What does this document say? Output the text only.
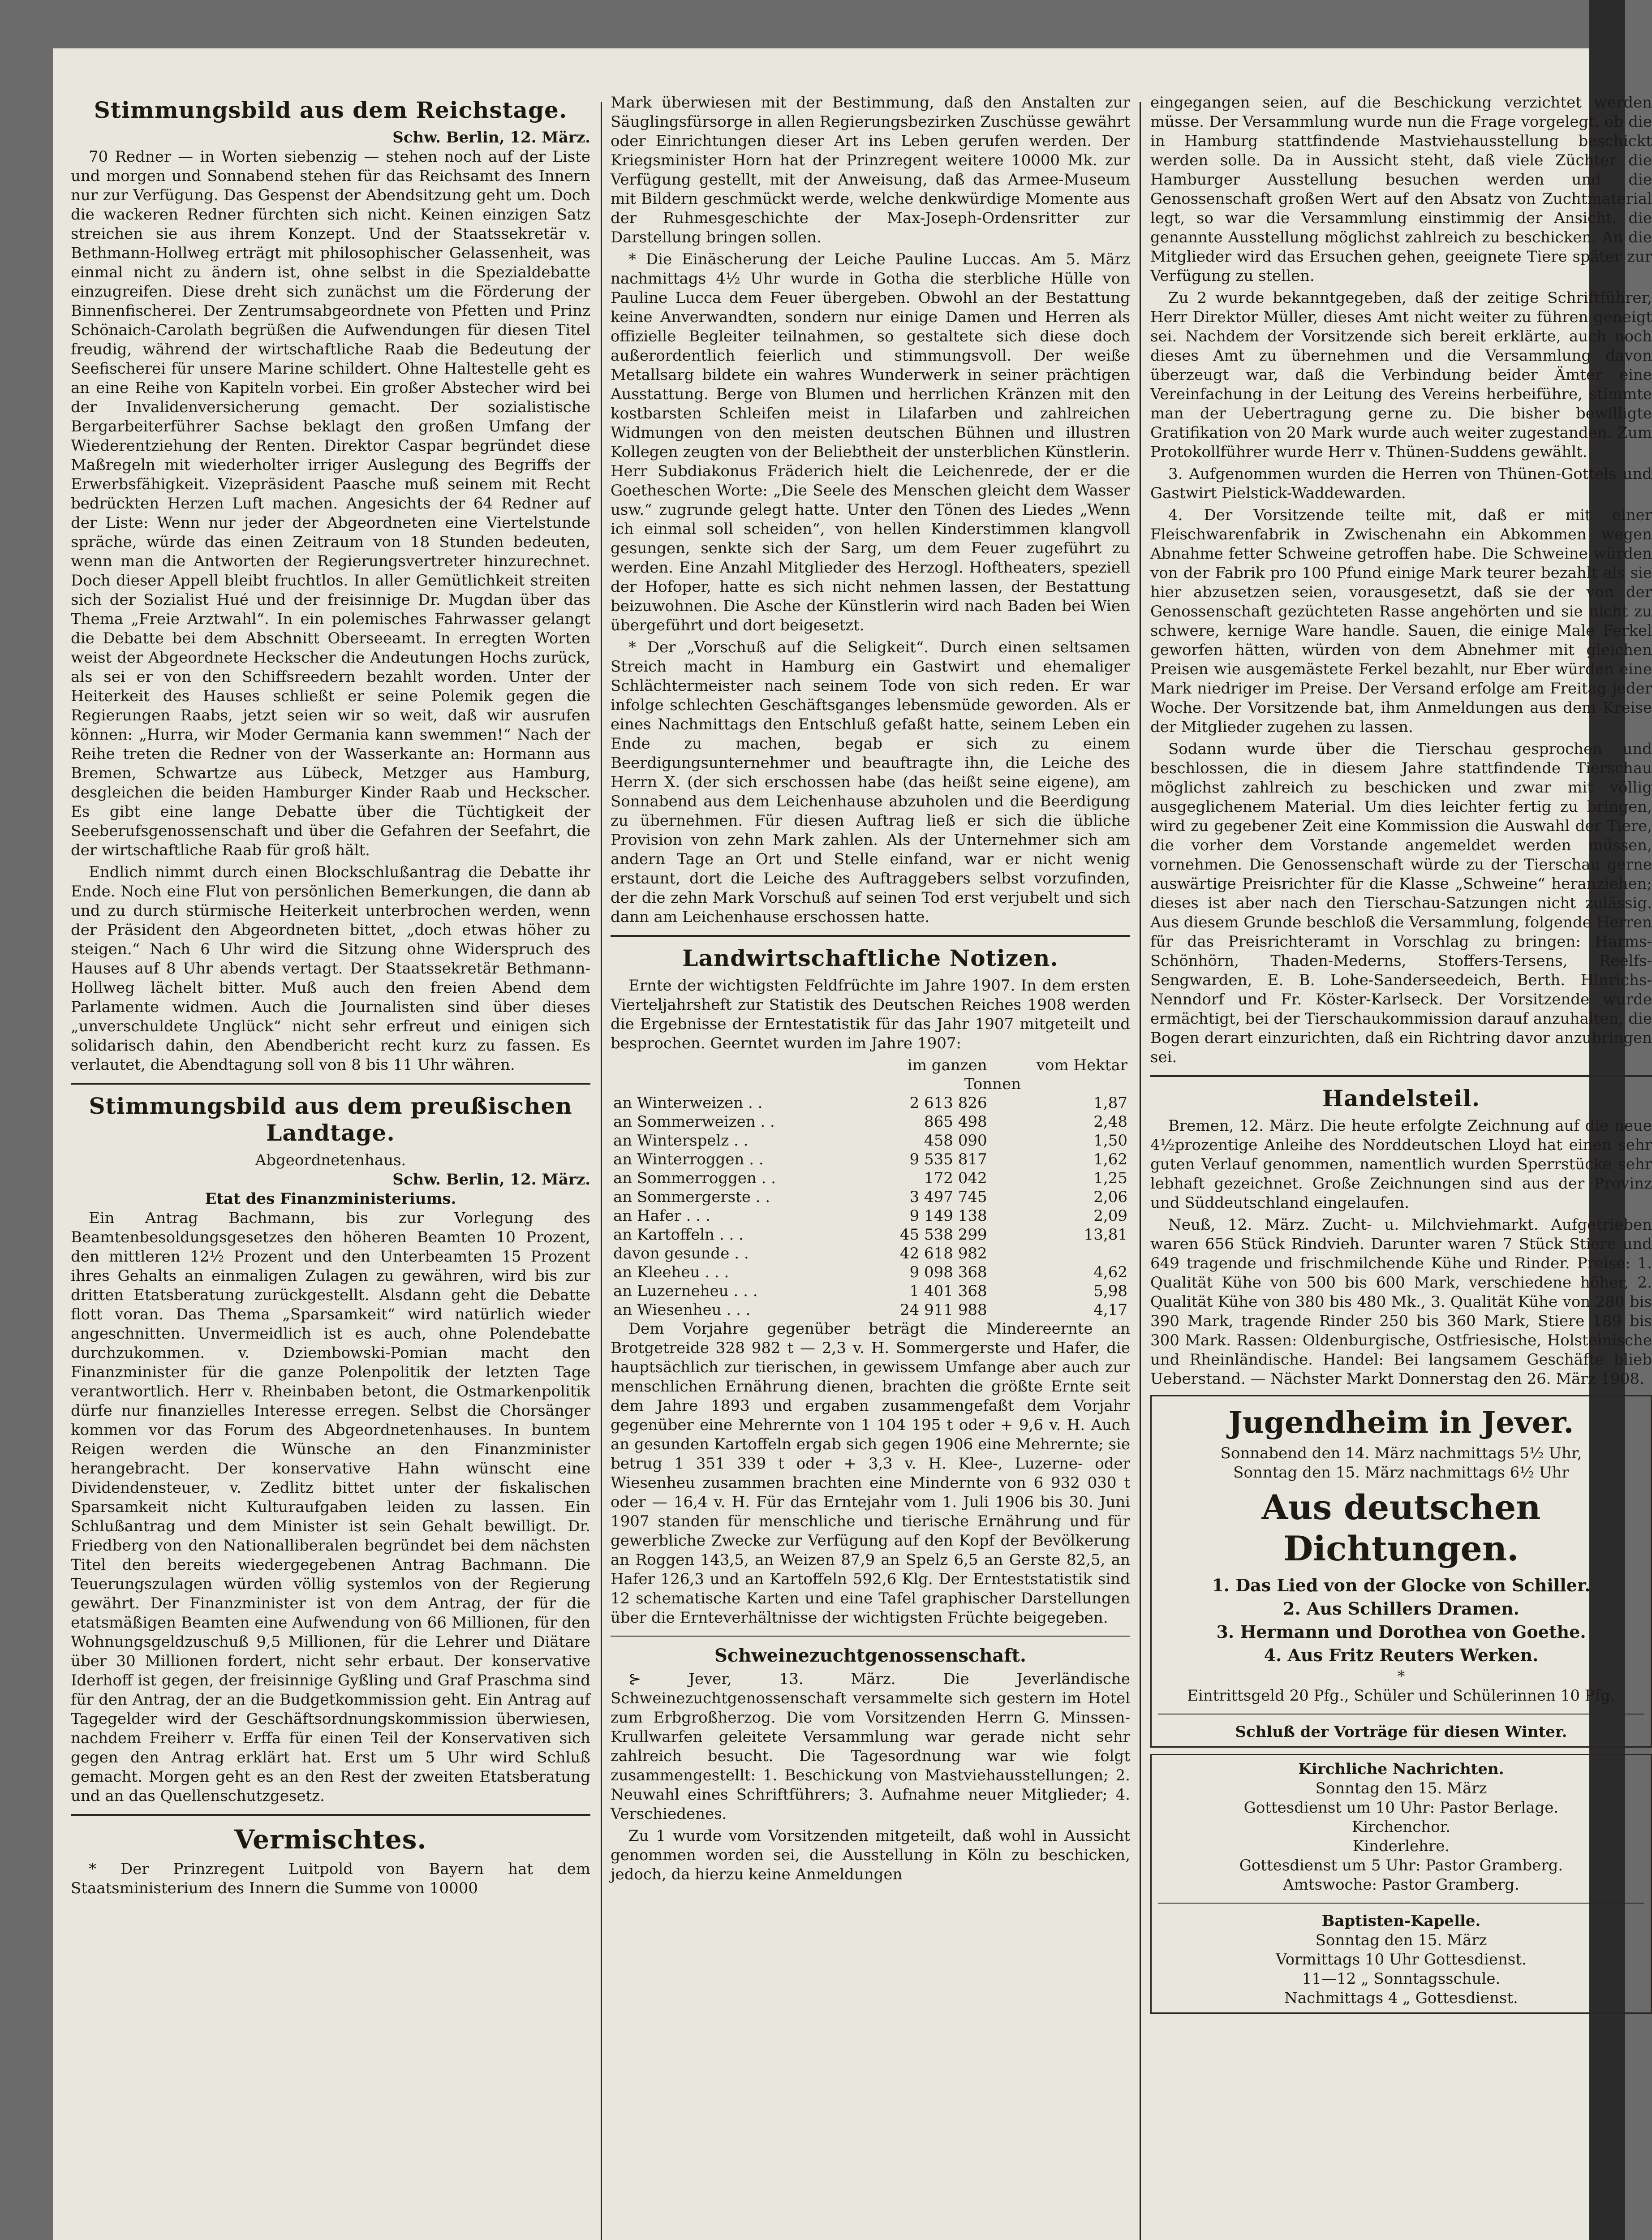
Stimmungsbild aus dem Reichstage.
Schw. Berlin, 12. März.

70 Redner — in Worten siebenzig — stehen noch auf der Liste und morgen und Sonnabend stehen für das Reichsamt des Innern nur zur Verfügung. Das Gespenst der Abendsitzung geht um. Doch die wackeren Redner fürchten sich nicht. Keinen einzigen Satz streichen sie aus ihrem Konzept. Und der Staatssekretär v. Bethmann-Hollweg erträgt mit philosophischer Gelassenheit, was einmal nicht zu ändern ist, ohne selbst in die Spezialdebatte einzugreifen. Diese dreht sich zunächst um die Förderung der Binnenfischerei. Der Zentrumsabgeordnete von Pfetten und Prinz Schönaich-Carolath begrüßen die Aufwendungen für diesen Titel freudig, während der wirtschaftliche Raab die Bedeutung der Seefischerei für unsere Marine schildert. Ohne Haltestelle geht es an eine Reihe von Kapiteln vorbei. Ein großer Abstecher wird bei der Invalidenversicherung gemacht. Der sozialistische Bergarbeiterführer Sachse beklagt den großen Umfang der Wiederentziehung der Renten. Direktor Caspar begründet diese Maßregeln mit wiederholter irriger Auslegung des Begriffs der Erwerbsfähigkeit. Vizepräsident Paasche muß seinem mit Recht bedrückten Herzen Luft machen. Angesichts der 64 Redner auf der Liste: Wenn nur jeder der Abgeordneten eine Viertelstunde spräche, würde das einen Zeitraum von 18 Stunden bedeuten, wenn man die Antworten der Regierungsvertreter hinzurechnet. Doch dieser Appell bleibt fruchtlos. In aller Gemütlichkeit streiten sich der Sozialist Hué und der freisinnige Dr. Mugdan über das Thema „Freie Arztwahl“. In ein polemisches Fahrwasser gelangt die Debatte bei dem Abschnitt Oberseeamt. In erregten Worten weist der Abgeordnete Heckscher die Andeutungen Hochs zurück, als sei er von den Schiffsreedern bezahlt worden. Unter der Heiterkeit des Hauses schließt er seine Polemik gegen die Regierungen Raabs, jetzt seien wir so weit, daß wir ausrufen können: „Hurra, wir Moder Germania kann swemmen!“ Nach der Reihe treten die Redner von der Wasserkante an: Hormann aus Bremen, Schwartze aus Lübeck, Metzger aus Hamburg, desgleichen die beiden Hamburger Kinder Raab und Heckscher. Es gibt eine lange Debatte über die Tüchtigkeit der Seeberufsgenossenschaft und über die Gefahren der Seefahrt, die der wirtschaftliche Raab für groß hält.

Endlich nimmt durch einen Blockschlußantrag die Debatte ihr Ende. Noch eine Flut von persönlichen Bemerkungen, die dann ab und zu durch stürmische Heiterkeit unterbrochen werden, wenn der Präsident den Abgeordneten bittet, „doch etwas höher zu steigen.“ Nach 6 Uhr wird die Sitzung ohne Widerspruch des Hauses auf 8 Uhr abends vertagt. Der Staatssekretär Bethmann-Hollweg lächelt bitter. Muß auch den freien Abend dem Parlamente widmen. Auch die Journalisten sind über dieses „unverschuldete Unglück“ nicht sehr erfreut und einigen sich solidarisch dahin, den Abendbericht recht kurz zu fassen. Es verlautet, die Abendtagung soll von 8 bis 11 Uhr währen.

Stimmungsbild aus dem preußischen Landtage.
Abgeordnetenhaus.
Schw. Berlin, 12. März.
Etat des Finanzministeriums.

Ein Antrag Bachmann, bis zur Vorlegung des Beamtenbesoldungsgesetzes den höheren Beamten 10 Prozent, den mittleren 12½ Prozent und den Unterbeamten 15 Prozent ihres Gehalts an einmaligen Zulagen zu gewähren, wird bis zur dritten Etatsberatung zurückgestellt. Alsdann geht die Debatte flott voran. Das Thema „Sparsamkeit“ wird natürlich wieder angeschnitten. Unvermeidlich ist es auch, ohne Polendebatte durchzukommen. v. Dziembowski-Pomian macht den Finanzminister für die ganze Polenpolitik der letzten Tage verantwortlich. Herr v. Rheinbaben betont, die Ostmarkenpolitik dürfe nur finanzielles Interesse erregen. Selbst die Chorsänger kommen vor das Forum des Abgeordnetenhauses. In buntem Reigen werden die Wünsche an den Finanzminister herangebracht. Der konservative Hahn wünscht eine Dividendensteuer, v. Zedlitz bittet unter der fiskalischen Sparsamkeit nicht Kulturaufgaben leiden zu lassen. Ein Schlußantrag und dem Minister ist sein Gehalt bewilligt. Dr. Friedberg von den Nationalliberalen begründet bei dem nächsten Titel den bereits wiedergegebenen Antrag Bachmann. Die Teuerungszulagen würden völlig systemlos von der Regierung gewährt. Der Finanzminister ist von dem Antrag, der für die etatsmäßigen Beamten eine Aufwendung von 66 Millionen, für den Wohnungsgeldzuschuß 9,5 Millionen, für die Lehrer und Diätare über 30 Millionen fordert, nicht sehr erbaut. Der konservative Iderhoff ist gegen, der freisinnige Gyßling und Graf Praschma sind für den Antrag, der an die Budgetkommission geht. Ein Antrag auf Tagegelder wird der Geschäftsordnungskommission überwiesen, nachdem Freiherr v. Erffa für einen Teil der Konservativen sich gegen den Antrag erklärt hat. Erst um 5 Uhr wird Schluß gemacht. Morgen geht es an den Rest der zweiten Etatsberatung und an das Quellenschutzgesetz.

Vermischtes.

* Der Prinzregent Luitpold von Bayern hat dem Staatsministerium des Innern die Summe von 10000

Mark überwiesen mit der Bestimmung, daß den Anstalten zur Säuglingsfürsorge in allen Regierungsbezirken Zuschüsse gewährt oder Einrichtungen dieser Art ins Leben gerufen werden. Der Kriegsminister Horn hat der Prinzregent weitere 10000 Mk. zur Verfügung gestellt, mit der Anweisung, daß das Armee-Museum mit Bildern geschmückt werde, welche denkwürdige Momente aus der Ruhmesgeschichte der Max-Joseph-Ordensritter zur Darstellung bringen sollen.

* Die Einäscherung der Leiche Pauline Luccas. Am 5. März nachmittags 4½ Uhr wurde in Gotha die sterbliche Hülle von Pauline Lucca dem Feuer übergeben. Obwohl an der Bestattung keine Anverwandten, sondern nur einige Damen und Herren als offizielle Begleiter teilnahmen, so gestaltete sich diese doch außerordentlich feierlich und stimmungsvoll. Der weiße Metallsarg bildete ein wahres Wunderwerk in seiner prächtigen Ausstattung. Berge von Blumen und herrlichen Kränzen mit den kostbarsten Schleifen meist in Lilafarben und zahlreichen Widmungen von den meisten deutschen Bühnen und illustren Kollegen zeugten von der Beliebtheit der unsterblichen Künstlerin. Herr Subdiakonus Fräderich hielt die Leichenrede, der er die Goetheschen Worte: „Die Seele des Menschen gleicht dem Wasser usw.“ zugrunde gelegt hatte. Unter den Tönen des Liedes „Wenn ich einmal soll scheiden“, von hellen Kinderstimmen klangvoll gesungen, senkte sich der Sarg, um dem Feuer zugeführt zu werden. Eine Anzahl Mitglieder des Herzogl. Hoftheaters, speziell der Hofoper, hatte es sich nicht nehmen lassen, der Bestattung beizuwohnen. Die Asche der Künstlerin wird nach Baden bei Wien übergeführt und dort beigesetzt.

* Der „Vorschuß auf die Seligkeit“. Durch einen seltsamen Streich macht in Hamburg ein Gastwirt und ehemaliger Schlächtermeister nach seinem Tode von sich reden. Er war infolge schlechten Geschäftsganges lebensmüde geworden. Als er eines Nachmittags den Entschluß gefaßt hatte, seinem Leben ein Ende zu machen, begab er sich zu einem Beerdigungsunternehmer und beauftragte ihn, die Leiche des Herrn X. (der sich erschossen habe (das heißt seine eigene), am Sonnabend aus dem Leichenhause abzuholen und die Beerdigung zu übernehmen. Für diesen Auftrag ließ er sich die übliche Provision von zehn Mark zahlen. Als der Unternehmer sich am andern Tage an Ort und Stelle einfand, war er nicht wenig erstaunt, dort die Leiche des Auftraggebers selbst vorzufinden, der die zehn Mark Vorschuß auf seinen Tod erst verjubelt und sich dann am Leichenhause erschossen hatte.

Landwirtschaftliche Notizen.

Ernte der wichtigsten Feldfrüchte im Jahre 1907. In dem ersten Vierteljahrsheft zur Statistik des Deutschen Reiches 1908 werden die Ergebnisse der Erntestatistik für das Jahr 1907 mitgeteilt und besprochen. Geerntet wurden im Jahre 1907:

	im ganzen	vom Hektar
	Tonnen	
an Winterweizen . .	2 613 826	1,87
an Sommerweizen . .	865 498	2,48
an Winterspelz . .	458 090	1,50
an Winterroggen . .	9 535 817	1,62
an Sommerroggen . .	172 042	1,25
an Sommergerste . .	3 497 745	2,06
an Hafer . . .	9 149 138	2,09
an Kartoffeln . . .	45 538 299	13,81
davon gesunde . .	42 618 982	
an Kleeheu . . .	9 098 368	4,62
an Luzerneheu . . .	1 401 368	5,98
an Wiesenheu . . .	24 911 988	4,17

Dem Vorjahre gegenüber beträgt die Mindereernte an Brotgetreide 328 982 t — 2,3 v. H. Sommergerste und Hafer, die hauptsächlich zur tierischen, in gewissem Umfange aber auch zur menschlichen Ernährung dienen, brachten die größte Ernte seit dem Jahre 1893 und ergaben zusammengefaßt dem Vorjahr gegenüber eine Mehrernte von 1 104 195 t oder + 9,6 v. H. Auch an gesunden Kartoffeln ergab sich gegen 1906 eine Mehrernte; sie betrug 1 351 339 t oder + 3,3 v. H. Klee-, Luzerne- oder Wiesenheu zusammen brachten eine Mindernte von 6 932 030 t oder — 16,4 v. H. Für das Erntejahr vom 1. Juli 1906 bis 30. Juni 1907 standen für menschliche und tierische Ernährung und für gewerbliche Zwecke zur Verfügung auf den Kopf der Bevölkerung an Roggen 143,5, an Weizen 87,9 an Spelz 6,5 an Gerste 82,5, an Hafer 126,3 und an Kartoffeln 592,6 Klg. Der Ernteststatistik sind 12 schematische Karten und eine Tafel graphischer Darstellungen über die Ernteverhältnisse der wichtigsten Früchte beigegeben.

Schweinezuchtgenossenschaft.

⊱ Jever, 13. März. Die Jeverländische Schweinezuchtgenossenschaft versammelte sich gestern im Hotel zum Erbgroßherzog. Die vom Vorsitzenden Herrn G. Minssen-Krullwarfen geleitete Versammlung war gerade nicht sehr zahlreich besucht. Die Tagesordnung war wie folgt zusammengestellt: 1. Beschickung von Mastviehausstellungen; 2. Neuwahl eines Schriftführers; 3. Aufnahme neuer Mitglieder; 4. Verschiedenes.

Zu 1 wurde vom Vorsitzenden mitgeteilt, daß wohl in Aussicht genommen worden sei, die Ausstellung in Köln zu beschicken, jedoch, da hierzu keine Anmeldungen

eingegangen seien, auf die Beschickung verzichtet werden müsse. Der Versammlung wurde nun die Frage vorgelegt, ob die in Hamburg stattfindende Mastviehausstellung beschickt werden solle. Da in Aussicht steht, daß viele Züchter die Hamburger Ausstellung besuchen werden und die Genossenschaft großen Wert auf den Absatz von Zuchtmaterial legt, so war die Versammlung einstimmig der Ansicht, die genannte Ausstellung möglichst zahlreich zu beschicken. An die Mitglieder wird das Ersuchen gehen, geeignete Tiere später zur Verfügung zu stellen.

Zu 2 wurde bekanntgegeben, daß der zeitige Schriftführer, Herr Direktor Müller, dieses Amt nicht weiter zu führen geneigt sei. Nachdem der Vorsitzende sich bereit erklärte, auch noch dieses Amt zu übernehmen und die Versammlung davon überzeugt war, daß die Verbindung beider Ämter eine Vereinfachung in der Leitung des Vereins herbeiführe, stimmte man der Uebertragung gerne zu. Die bisher bewilligte Gratifikation von 20 Mark wurde auch weiter zugestanden. Zum Protokollführer wurde Herr v. Thünen-Suddens gewählt.

3. Aufgenommen wurden die Herren von Thünen-Gottels und Gastwirt Pielstick-Waddewarden.

4. Der Vorsitzende teilte mit, daß er mit einer Fleischwarenfabrik in Zwischenahn ein Abkommen wegen Abnahme fetter Schweine getroffen habe. Die Schweine würden von der Fabrik pro 100 Pfund einige Mark teurer bezahlt als sie hier abzusetzen seien, vorausgesetzt, daß sie der von der Genossenschaft gezüchteten Rasse angehörten und sie nicht zu schwere, kernige Ware handle. Sauen, die einige Male Ferkel geworfen hätten, würden von dem Abnehmer mit gleichen Preisen wie ausgemästete Ferkel bezahlt, nur Eber würden eine Mark niedriger im Preise. Der Versand erfolge am Freitag jeder Woche. Der Vorsitzende bat, ihm Anmeldungen aus dem Kreise der Mitglieder zugehen zu lassen.

Sodann wurde über die Tierschau gesprochen und beschlossen, die in diesem Jahre stattfindende Tierschau möglichst zahlreich zu beschicken und zwar mit völlig ausgeglichenem Material. Um dies leichter fertig zu bringen, wird zu gegebener Zeit eine Kommission die Auswahl der Tiere, die vorher dem Vorstande angemeldet werden müssen, vornehmen. Die Genossenschaft würde zu der Tierschau gerne auswärtige Preisrichter für die Klasse „Schweine“ heranziehen; dieses ist aber nach den Tierschau-Satzungen nicht zulässig. Aus diesem Grunde beschloß die Versammlung, folgende Herren für das Preisrichteramt in Vorschlag zu bringen: Harms-Schönhörn, Thaden-Mederns, Stoffers-Tersens, Reelfs-Sengwarden, E. B. Lohe-Sanderseedeich, Berth. Hinrichs-Nenndorf und Fr. Köster-Karlseck. Der Vorsitzende wurde ermächtigt, bei der Tierschaukommission darauf anzuhalten, die Bogen derart einzurichten, daß ein Richtring davor anzubringen sei.

Handelsteil.

Bremen, 12. März. Die heute erfolgte Zeichnung auf die neue 4½prozentige Anleihe des Norddeutschen Lloyd hat einen sehr guten Verlauf genommen, namentlich wurden Sperrstücke sehr lebhaft gezeichnet. Große Zeichnungen sind aus der Provinz und Süddeutschland eingelaufen.

Neuß, 12. März. Zucht- u. Milchviehmarkt. Aufgetrieben waren 656 Stück Rindvieh. Darunter waren 7 Stück Stiere und 649 tragende und frischmilchende Kühe und Rinder. Preise: 1. Qualität Kühe von 500 bis 600 Mark, verschiedene höher, 2. Qualität Kühe von 380 bis 480 Mk., 3. Qualität Kühe von 280 bis 390 Mark, tragende Rinder 250 bis 360 Mark, Stiere 189 bis 300 Mark. Rassen: Oldenburgische, Ostfriesische, Holsteinische und Rheinländische. Handel: Bei langsamem Geschäfte blieb Ueberstand. — Nächster Markt Donnerstag den 26. März 1908.

Jugendheim in Jever.
Sonnabend den 14. März nachmittags 5½ Uhr,
Sonntag den 15. März nachmittags 6½ Uhr
Aus deutschen Dichtungen.
1. Das Lied von der Glocke von Schiller.
2. Aus Schillers Dramen.
3. Hermann und Dorothea von Goethe.
4. Aus Fritz Reuters Werken.
*
Eintrittsgeld 20 Pfg., Schüler und Schülerinnen 10 Pfg.
Schluß der Vorträge für diesen Winter.

Kirchliche Nachrichten.

Sonntag den 15. März

Gottesdienst um 10 Uhr: Pastor Berlage.

Kirchenchor.

Kinderlehre.

Gottesdienst um 5 Uhr: Pastor Gramberg.

Amtswoche: Pastor Gramberg.

Baptisten-Kapelle.

Sonntag den 15. März

Vormittags 10 Uhr Gottesdienst.

11—12 „ Sonntagsschule.

Nachmittags 4 „ Gottesdienst.
